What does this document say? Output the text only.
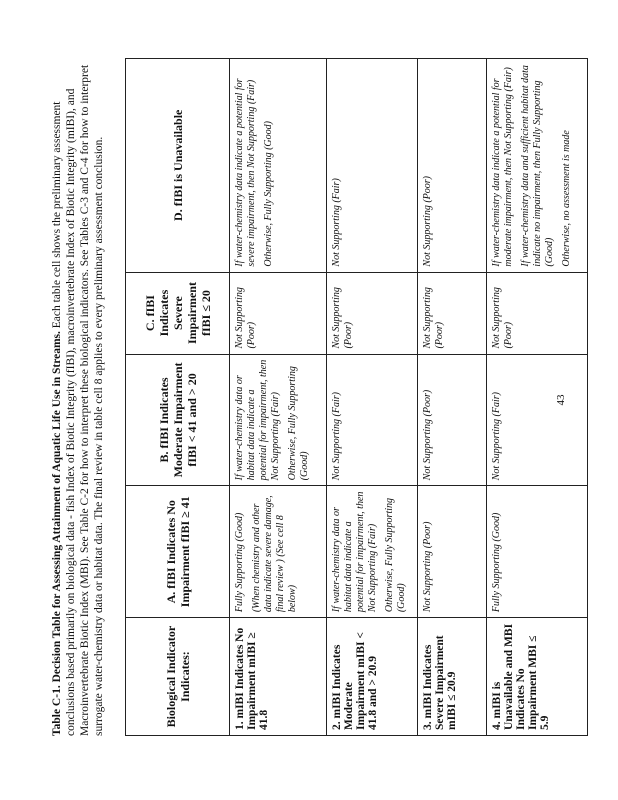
Table C-1. Decision Table for Assessing Attainment of Aquatic Life Use in Streams. Each table cell shows the preliminary assessment conclusions based primarily on biological data - fish Index of Biotic Integrity (fIBI), macroinvertebrate Index of Biotic Integrity (mIBI), and Macroinvertebrate Biotic Index (MBI). See Table C-2 for how to interpret these biological indicators. See Tables C-3 and C-4 for how to interpret surrogate water-chemistry data or habitat data. The final review in table cell 8 applies to every preliminary assessment conclusion.	Biological Indicator Indicates:	A. fIBI Indicates No Impairment fIBI ≥ 41	B. fIBI Indicates Moderate Impairment fIBI < 41 and > 20	C. fIBI Indicates Severe Impairment fIBI ≤ 20	D. fIBI is Unavailable
1. mIBI Indicates No Impairment mIBI ≥ 41.8	Fully Supporting (Good) (When chemistry and other data indicate severe damage, final review ) (See cell 8 below)	If water-chemistry data or habitat data indicate a potential for impairment, then Not Supporting (Fair) Otherwise, Fully Supporting (Good)	Not Supporting (Poor)	If water-chemistry data indicate a potential for severe impairment, then Not Supporting (Fair) Otherwise, Fully Supporting (Good)

2. mIBI Indicates Moderate Impairment mIBI < 41.8 and > 20.9	If water-chemistry data or habitat data indicate a potential for impairment, then Not Supporting (Fair) Otherwise, Fully Supporting (Good)	Not Supporting (Fair)	Not Supporting (Poor)	Not Supporting (Fair)

3. mIBI Indicates Severe Impairment mIBI ≤ 20.9	Not Supporting (Poor)	Not Supporting (Poor)	Not Supporting (Poor)	Not Supporting (Poor)

4. mIBI is Unavailable and MBI Indicates No Impairment MBI ≤ 5.9	Fully Supporting (Good)	Not Supporting (Fair)	Not Supporting (Poor)	If water-chemistry data indicate a potential for moderate impairment, then Not Supporting (Fair) If water-chemistry data and sufficient habitat data indicate no impairment, then Fully Supporting (Good) Otherwise, no assessment is made
43
